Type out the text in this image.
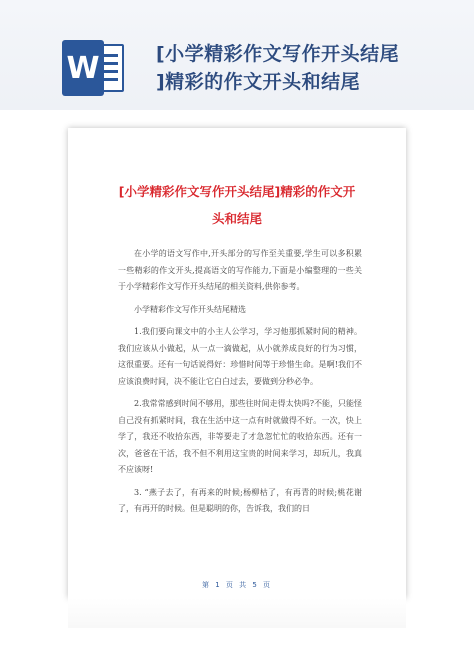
W	[小学精彩作文写作开头结尾
]精彩的作文开头和结尾
[小学精彩作文写作开头结尾]精彩的作文开
头和结尾

在小学的语文写作中,开头部分的写作至关重要,学生可以多积累一些精彩的作文开头,提高语文的写作能力,下面是小编整理的一些关于小学精彩作文写作开头结尾的相关资料,供你参考。

小学精彩作文写作开头结尾精选

1.我们要向课文中的小主人公学习，学习他那抓紧时间的精神。我们应该从小做起，从一点一滴做起，从小就养成良好的行为习惯，这很重要。还有一句话说得好：珍惜时间等于珍惜生命。是啊!我们不应该浪费时间，决不能让它白白过去，要做到分秒必争。

2.我常常感到时间不够用，那些往时间走得太快吗?不能，只能怪自己没有抓紧时间，我在生活中这一点有时就做得不好。一次，快上学了，我还不收拾东西，非等要走了才急忽忙忙的收拾东西。还有一次，爸爸在干活，我不但不利用这宝贵的时间来学习，却玩儿，我真不应该呀!

3. “燕子去了，有再来的时候;杨柳枯了，有再青的时候;桃花谢了，有再开的时候。但是聪明的你，告诉我，我们的日

第 1 页 共 5 页
